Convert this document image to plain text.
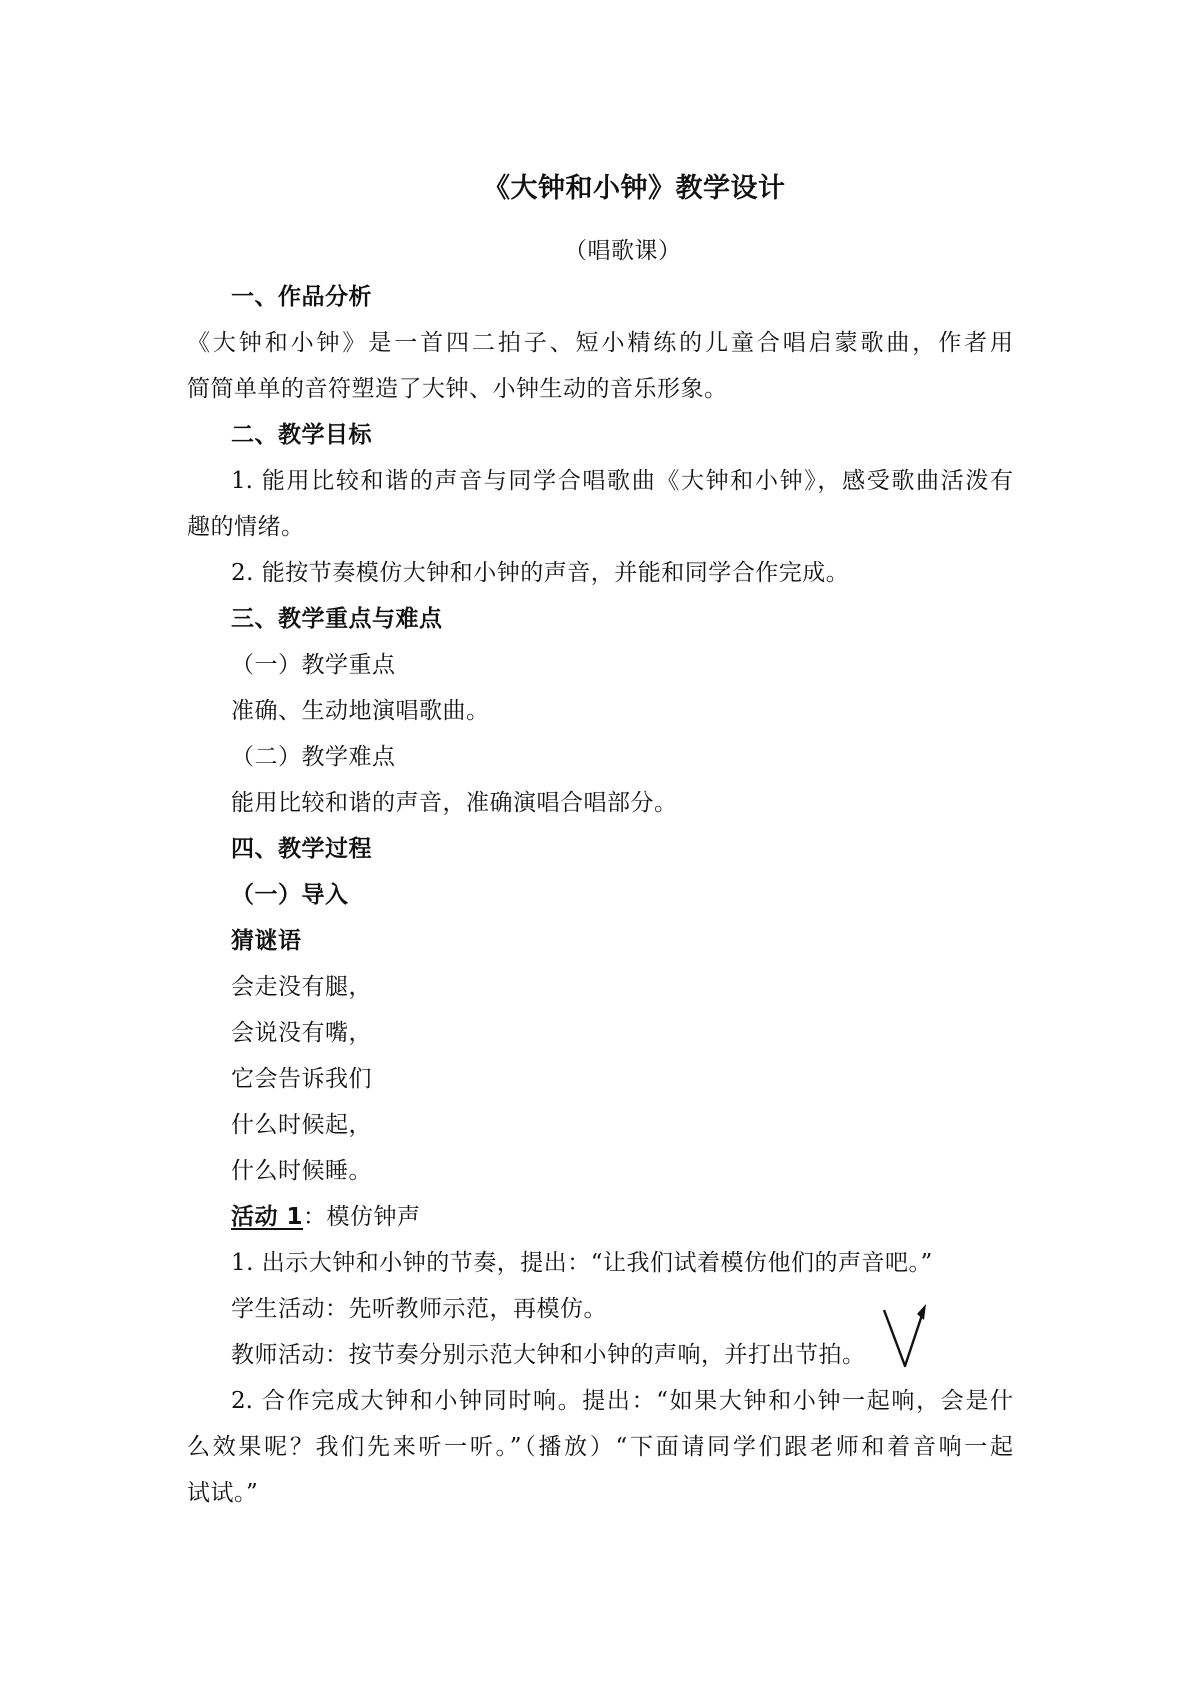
《大钟和小钟》教学设计
（唱歌课）
一、作品分析
《大钟和小钟》是一首四二拍子、短小精练的儿童合唱启蒙歌曲，作者用
简简单单的音符塑造了大钟、小钟生动的音乐形象。
二、教学目标
1. 能用比较和谐的声音与同学合唱歌曲《大钟和小钟》，感受歌曲活泼有
趣的情绪。
2. 能按节奏模仿大钟和小钟的声音，并能和同学合作完成。
三、教学重点与难点
（一）教学重点
准确、生动地演唱歌曲。
（二）教学难点
能用比较和谐的声音，准确演唱合唱部分。
四、教学过程
（一）导入
猜谜语
会走没有腿，
会说没有嘴，
它会告诉我们
什么时候起，
什么时候睡。
活动 1：模仿钟声
1. 出示大钟和小钟的节奏，提出：“让我们试着模仿他们的声音吧。”
学生活动：先听教师示范，再模仿。
教师活动：按节奏分别示范大钟和小钟的声响，并打出节拍。
2. 合作完成大钟和小钟同时响。提出：“如果大钟和小钟一起响，会是什
么效果呢？我们先来听一听。”（播放）“下面请同学们跟老师和着音响一起
试试。”
